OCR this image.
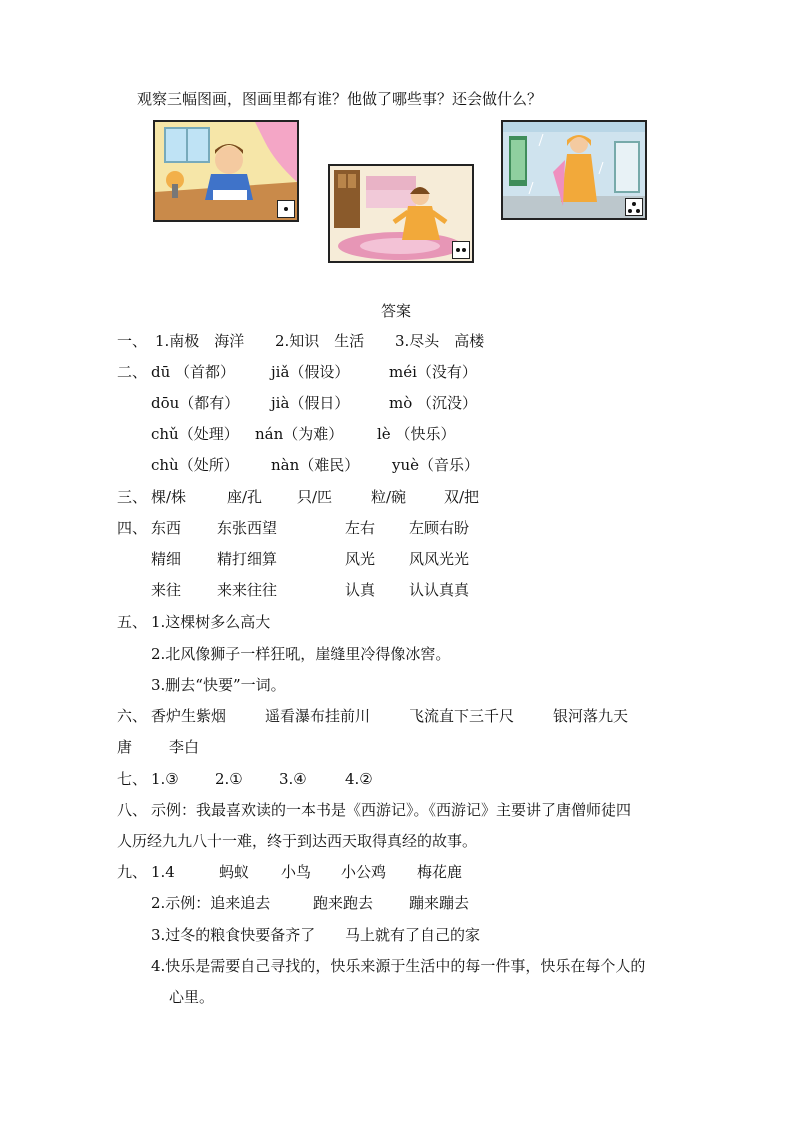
观察三幅图画，图画里都有谁？他做了哪些事？还会做什么？
答案
一、 1.南极　海洋 2.知识　生活 3.尽头　高楼
二、 dū （首都） jiǎ（假设）	méi（没有）
dōu（都有） jià（假日）	mò （沉没）
chǔ（处理） nán（为难） lè （快乐）
chù（处所） nàn（难民） yuè（音乐）
三、 棵/株	座/孔 只/匹	粒/碗	双/把
四、 东西 东张西望	左右 左顾右盼
精细 精打细算	风光 风风光光
来往 来来往往	认真 认认真真
五、 1.这棵树多么高大
2.北风像狮子一样狂吼，崖缝里冷得像冰窖。
3.删去“快要”一词。
六、 香炉生紫烟	遥看瀑布挂前川	飞流直下三千尺	银河落九天
唐 李白
七、 1.③ 2.① 3.④	4.②
八、 示例：我最喜欢读的一本书是《西游记》。《西游记》主要讲了唐僧师徒四
人历经九九八十一难，终于到达西天取得真经的故事。
九、 1.4	蚂蚁 小鸟 小公鸡 梅花鹿
2.示例：追来追去	跑来跑去 蹦来蹦去
3.过冬的粮食快要备齐了 马上就有了自己的家
4.快乐是需要自己寻找的，快乐来源于生活中的每一件事，快乐在每个人的
心里。
